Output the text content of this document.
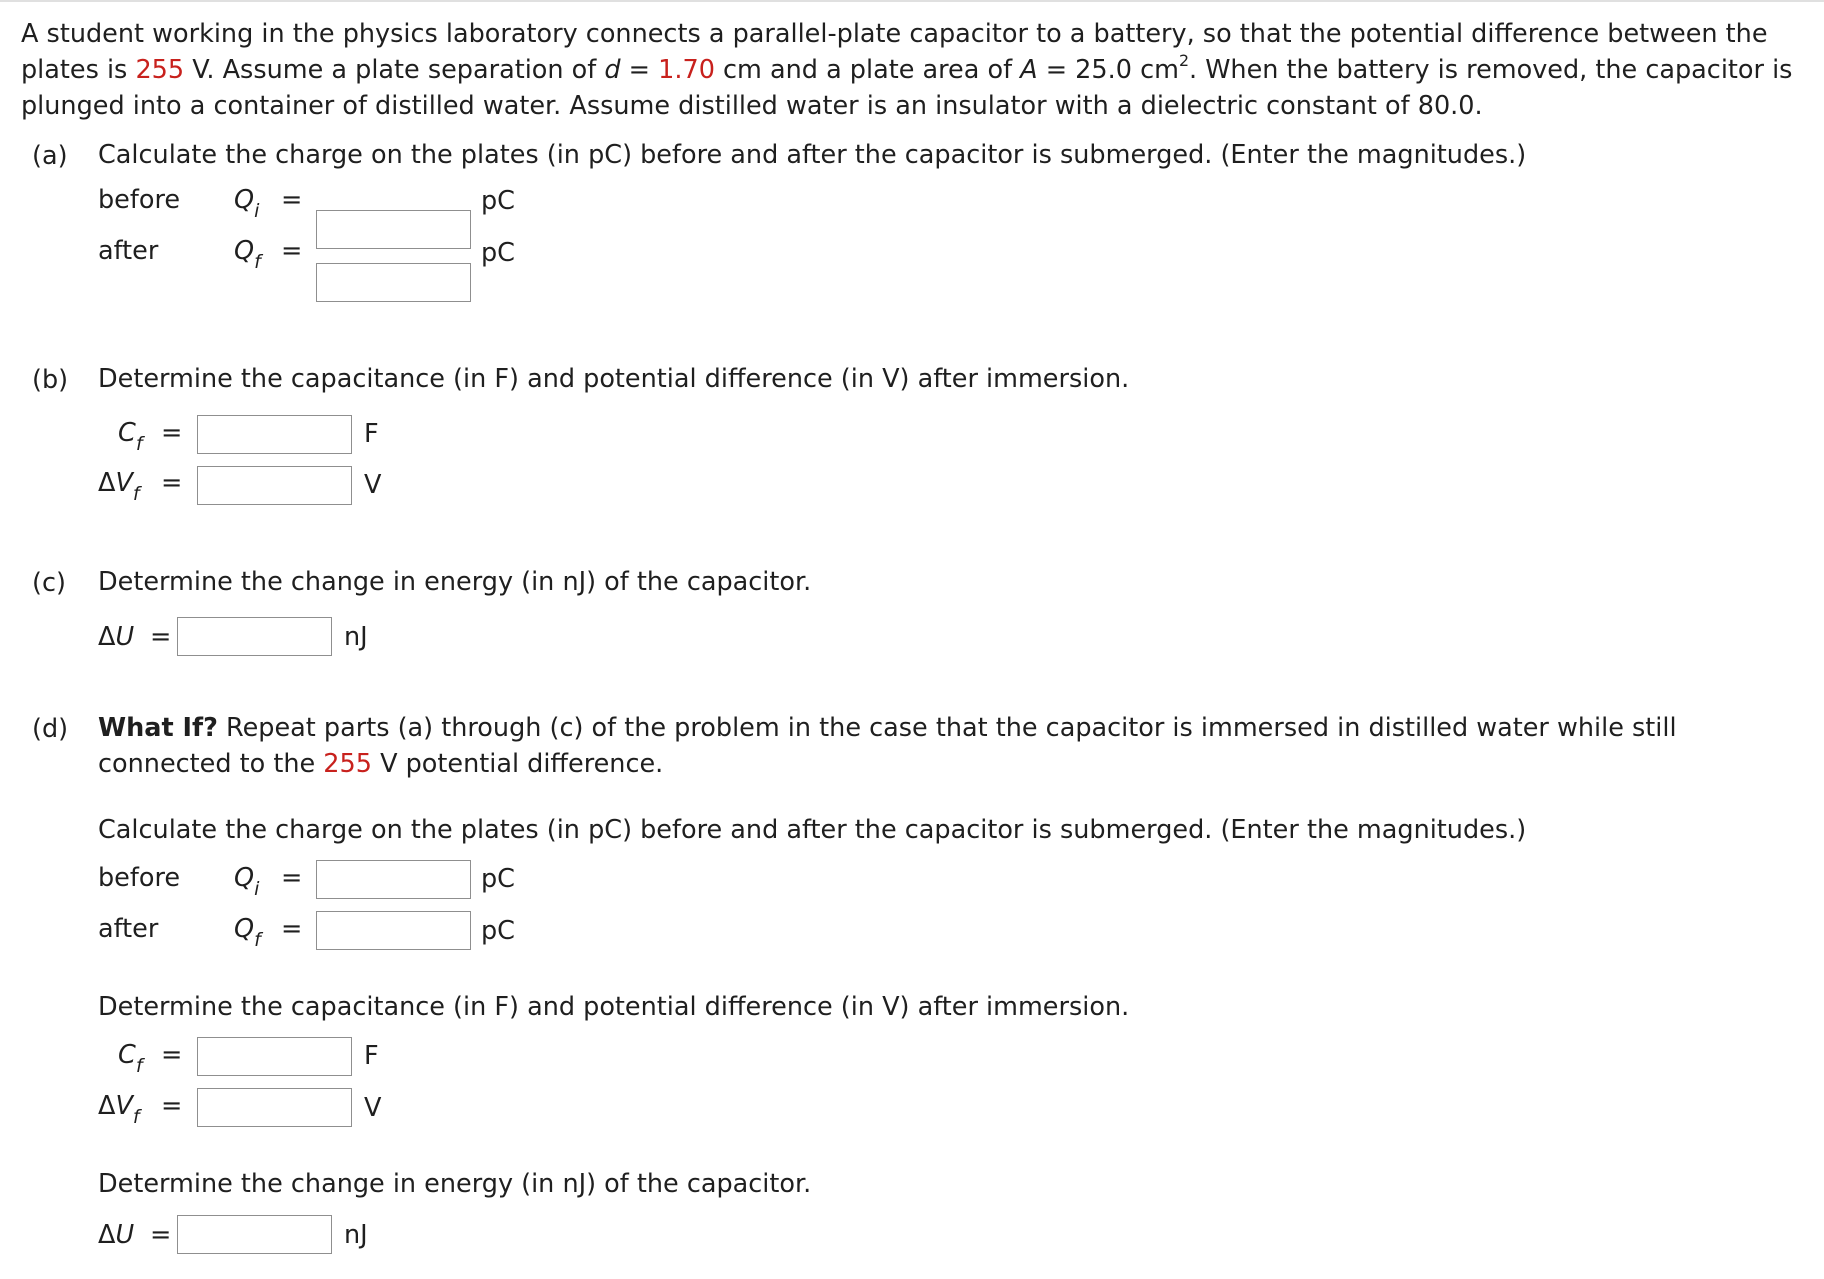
A student working in the physics laboratory connects a parallel-plate capacitor to a battery, so that the potential difference between the plates is 255 V. Assume a plate separation of d = 1.70 cm and a plate area of A = 25.0 $cm^2$. When the battery is removed, the capacitor is plunged into a container of distilled water. Assume distilled water is an insulator with a dielectric constant of 80.0.
(a) Calculate the charge on the plates (in pC) before and after the capacitor is submerged. (Enter the magnitudes.)
before $Q_i$ =	pC
after	$Q_f$ =	pC
(b) Determine the capacitance (in F) and potential difference (in V) after immersion.
$C_f$ =	F
$\Delta V_f$ =	V
(c) Determine the change in energy (in nJ) of the capacitor.
ΔU =	nJ
(d) What If? Repeat parts (a) through (c) of the problem in the case that the capacitor is immersed in distilled water while still connected to the 255 V potential difference.
Calculate the charge on the plates (in pC) before and after the capacitor is submerged. (Enter the magnitudes.)
before $Q_i$ =	pC
after	$Q_f$ =	pC
Determine the capacitance (in F) and potential difference (in V) after immersion.
$C_f$ =	F
$\Delta V_f$ =	V
Determine the change in energy (in nJ) of the capacitor.
ΔU =	nJ
